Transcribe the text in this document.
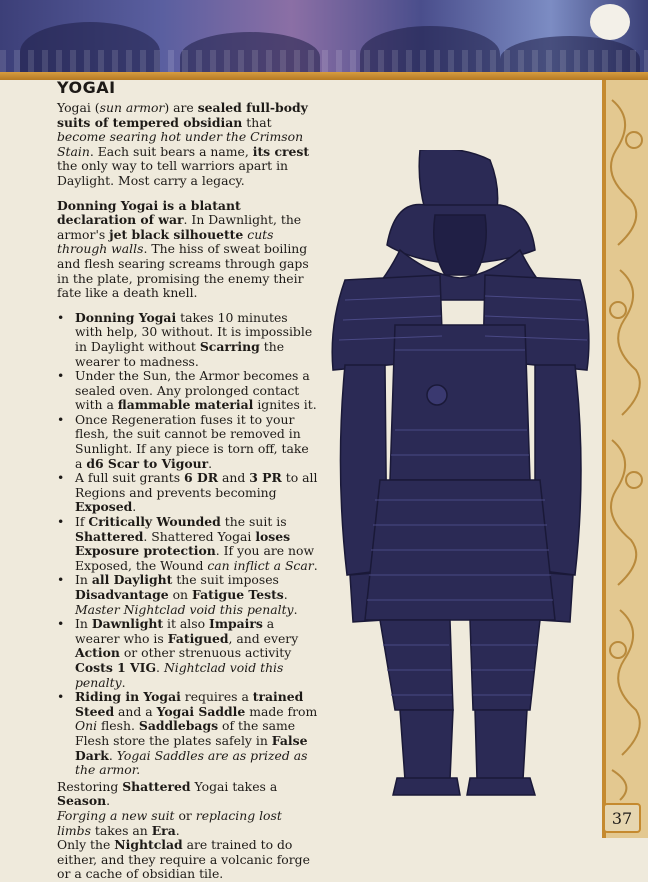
37
YOGAI

Yogai (sun armor) are sealed full-body suits of tempered obsidian that become searing hot under the Crimson Stain. Each suit bears a name, its crest the only way to tell warriors apart in Daylight. Most carry a legacy.

Donning Yogai is a blatant declaration of war. In Dawnlight, the armor's jet black silhouette cuts through walls. The hiss of sweat boiling and flesh searing screams through gaps in the plate, promising the enemy their fate like a death knell.

• Donning Yogai takes 10 minutes with help, 30 without. It is impossible in Daylight without Scarring the wearer to madness.
• Under the Sun, the Armor becomes a sealed oven. Any prolonged contact with a flammable material ignites it.
• Once Regeneration fuses it to your flesh, the suit cannot be removed in Sunlight. If any piece is torn off, take a d6 Scar to Vigour.
• A full suit grants 6 DR and 3 PR to all Regions and prevents becoming Exposed.
• If Critically Wounded the suit is Shattered. Shattered Yogai loses Exposure protection. If you are now Exposed, the Wound can inflict a Scar.
• In all Daylight the suit imposes Disadvantage on Fatigue Tests. Master Nightclad void this penalty.
• In Dawnlight it also Impairs a wearer who is Fatigued, and every Action or other strenuous activity Costs 1 VIG. Nightclad void this penalty.
• Riding in Yogai requires a trained Steed and a Yogai Saddle made from Oni flesh. Saddlebags of the same Flesh store the plates safely in False Dark. Yogai Saddles are as prized as the armor.

Restoring Shattered Yogai takes a Season.
Forging a new suit or replacing lost limbs takes an Era.

Only the Nightclad are trained to do either, and they require a volcanic forge or a cache of obsidian tile.
